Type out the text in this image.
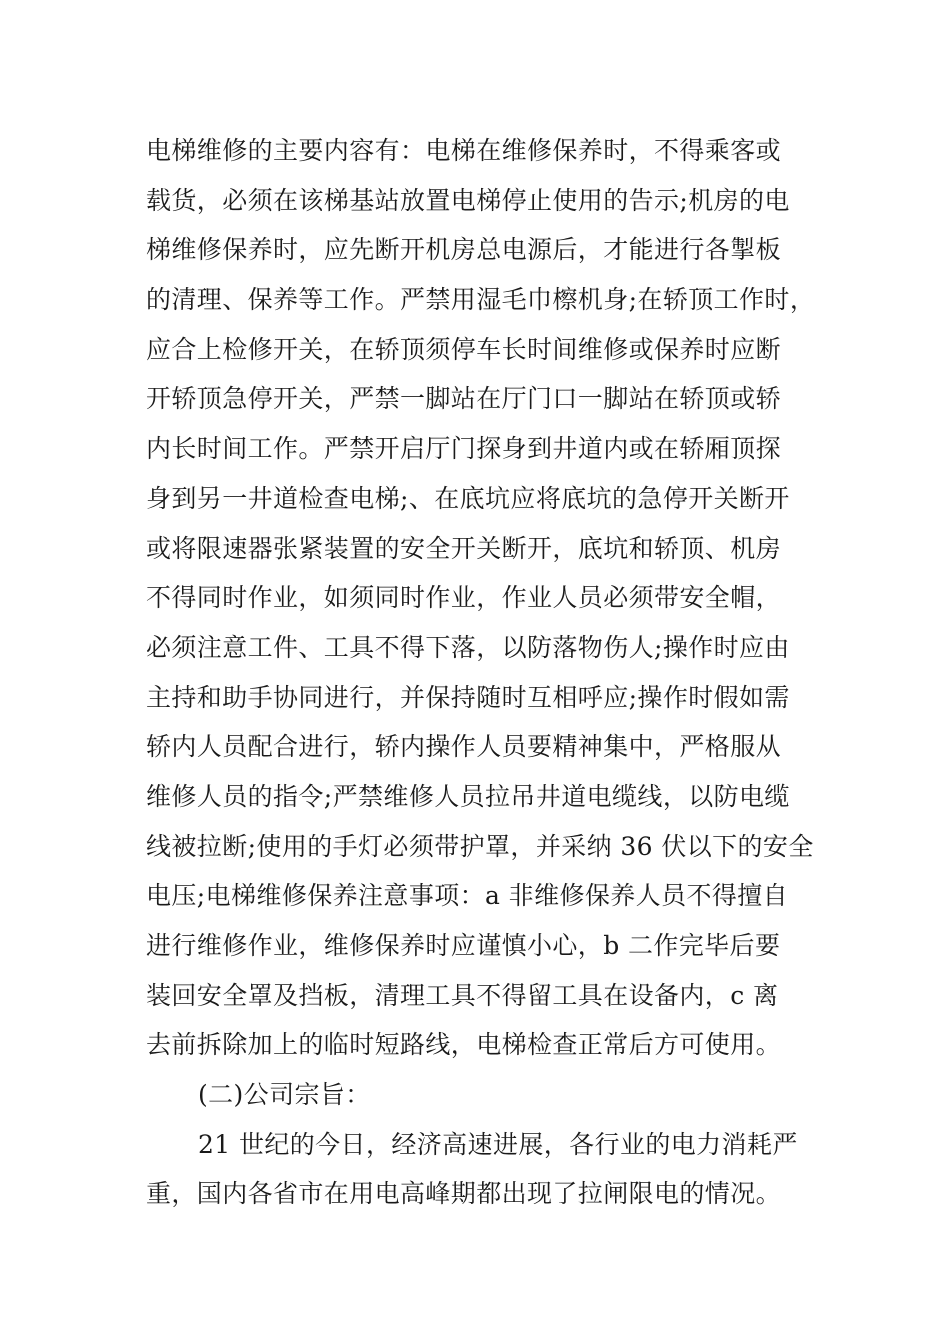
电梯维修的主要内容有：电梯在维修保养时，不得乘客或
载货，必须在该梯基站放置电梯停止使用的告示;机房的电
梯维修保养时，应先断开机房总电源后，才能进行各掣板
的清理、保养等工作。严禁用湿毛巾檫机身;在轿顶工作时，
应合上检修开关，在轿顶须停车长时间维修或保养时应断
开轿顶急停开关，严禁一脚站在厅门口一脚站在轿顶或轿
内长时间工作。严禁开启厅门探身到井道内或在轿厢顶探
身到另一井道检查电梯;、在底坑应将底坑的急停开关断开
或将限速器张紧装置的安全开关断开，底坑和轿顶、机房
不得同时作业，如须同时作业，作业人员必须带安全帽，
必须注意工件、工具不得下落，以防落物伤人;操作时应由
主持和助手协同进行，并保持随时互相呼应;操作时假如需
轿内人员配合进行，轿内操作人员要精神集中，严格服从
维修人员的指令;严禁维修人员拉吊井道电缆线，以防电缆
线被拉断;使用的手灯必须带护罩，并采纳 36 伏以下的安全
电压;电梯维修保养注意事项：a 非维修保养人员不得擅自
进行维修作业，维修保养时应谨慎小心，b 二作完毕后要
装回安全罩及挡板，清理工具不得留工具在设备内，c 离
去前拆除加上的临时短路线，电梯检查正常后方可使用。
(二)公司宗旨：
21 世纪的今日，经济高速进展，各行业的电力消耗严
重，国内各省市在用电高峰期都出现了拉闸限电的情况。
